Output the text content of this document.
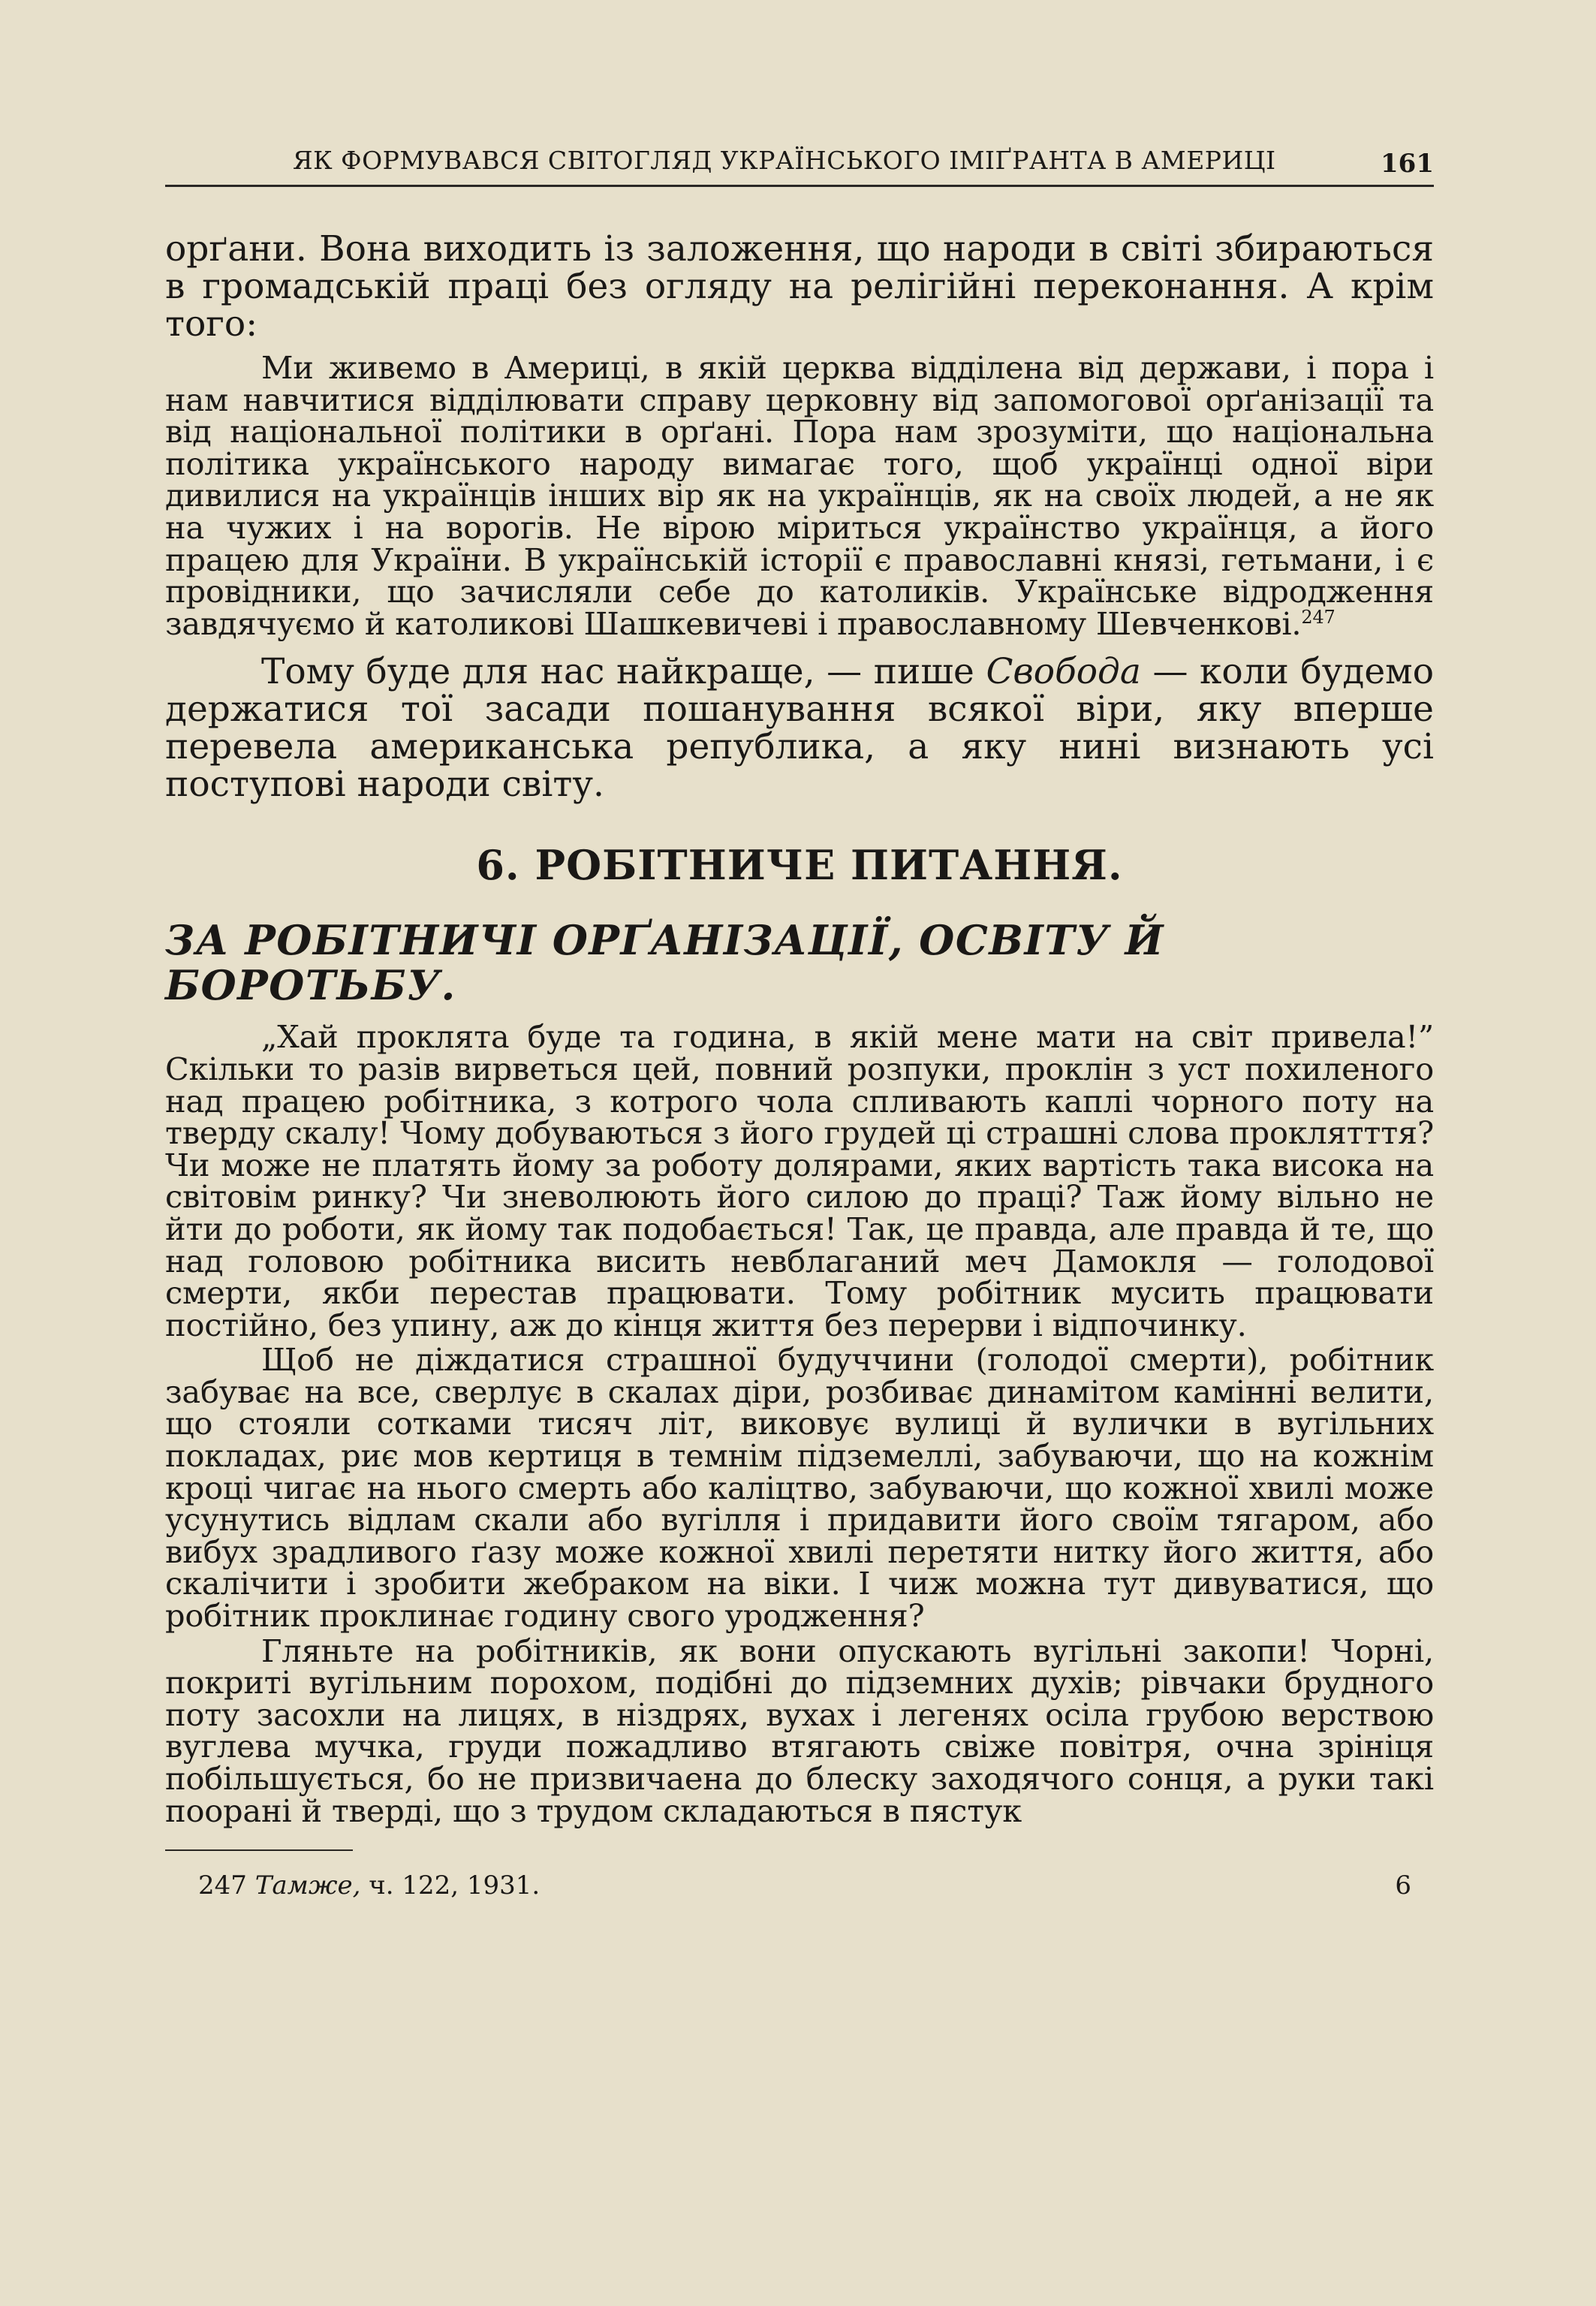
ЯК ФОРМУВАВСЯ СВІТОГЛЯД УКРАЇНСЬКОГО ІМІҐРАНТА В АМЕРИЦІ	161

орґани. Вона виходить із заложення, що народи в світі збираються в громадській праці без огляду на релігійні переконання. А крім того:

Ми живемо в Америці, в якій церква відділена від держави, і пора і нам навчитися відділювати справу церковну від запомогової орґанізації та від національної політики в орґані. Пора нам зрозуміти, що національна політика українського народу вимагає того, щоб українці одної віри дивилися на українців інших вір як на українців, як на своїх людей, а не як на чужих і на ворогів. Не вірою міриться українство українця, а його працею для України. В українській історії є православні князі, гетьмани, і є провідники, що зачисляли себе до католиків. Українське відродження завдячуємо й католикові Шашкевичеві і православному Шевченкові.$^{247}$

Тому буде для нас найкраще, — пише Свобода — коли будемо держатися тої засади пошанування всякої віри, яку вперше перевела американська република, а яку нині визнають усі поступові народи світу.

6. РОБІТНИЧЕ ПИТАННЯ.
ЗА РОБІТНИЧІ ОРҐАНІЗАЦІЇ, ОСВІТУ Й БОРОТЬБУ.

„Хай проклята буде та година, в якій мене мати на світ привела!” Скільки то разів вирветься цей, повний розпуки, проклін з уст похиленого над працею робітника, з котрого чола спливають каплі чорного поту на тверду скалу! Чому добуваються з його грудей ці страшні слова проклятття? Чи може не платять йому за роботу долярами, яких вартість така висока на світовім ринку? Чи зневолюють його силою до праці? Таж йому вільно не йти до роботи, як йому так подобається! Так, це правда, але правда й те, що над головою робітника висить невблаганий меч Дамокля — голодової смерти, якби перестав працювати. Тому робітник мусить працювати постійно, без упину, аж до кінця життя без перерви і відпочинку.

Щоб не діждатися страшної будуччини (голодої смерти), робітник забуває на все, сверлує в скалах діри, розбиває динамітом камінні велити, що стояли сотками тисяч літ, виковує вулиці й вулички в вугільних покладах, риє мов кертиця в темнім підземеллі, забуваючи, що на кожнім кроці чигає на нього смерть або каліцтво, забуваючи, що кожної хвилі може усунутись відлам скали або вугілля і придавити його своїм тягаром, або вибух зрадливого ґазу може кожної хвилі перетяти нитку його життя, або скалічити і зробити жебраком на віки. І чиж можна тут дивуватися, що робітник проклинає годину свого уродження?

Гляньте на робітників, як вони опускають вугільні закопи! Чорні, покриті вугільним порохом, подібні до підземних духів; рівчаки брудного поту засохли на лицях, в ніздрях, вухах і легенях осіла грубою верствою вуглева мучка, груди пожадливо втягають свіже повітря, очна зрініця побільшується, бо не призвичаена до блеску заходячого сонця, а руки такі поорані й тверді, що з трудом складаються в пястук

247 Тамже, ч. 122, 1931.	6
